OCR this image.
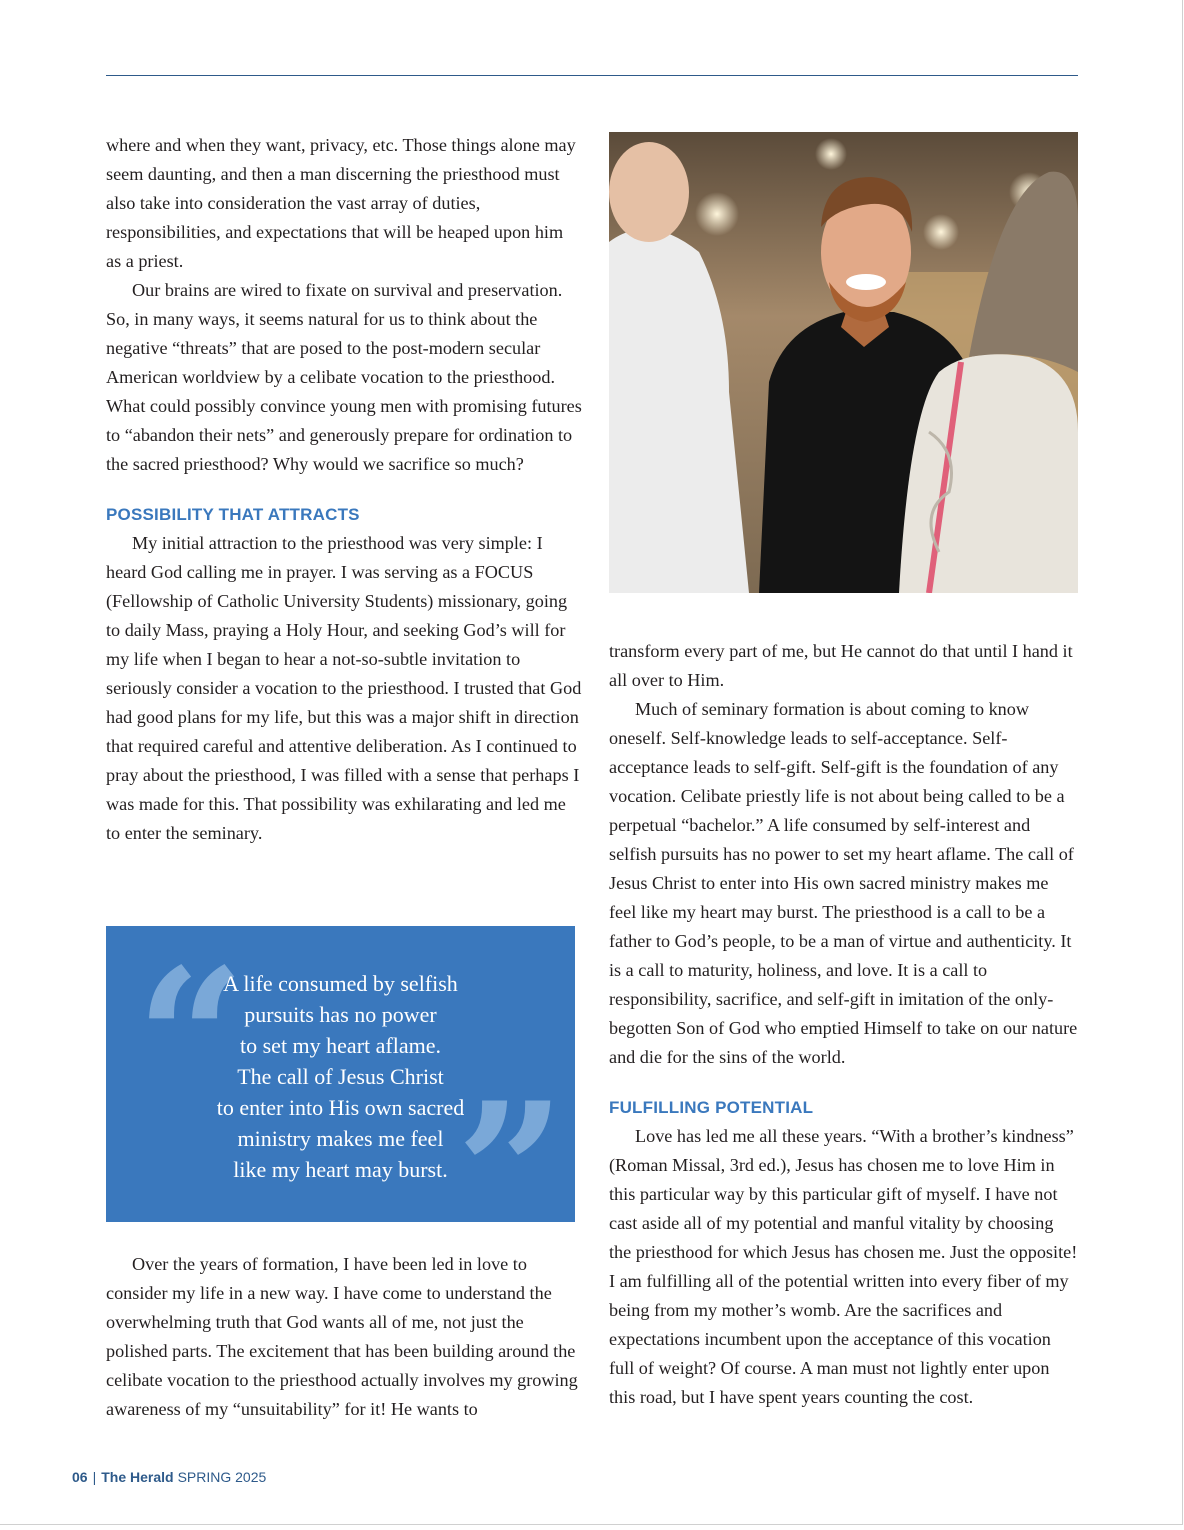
where and when they want, privacy, etc. Those things alone may seem daunting, and then a man discerning the priesthood must also take into consideration the vast array of duties, responsibilities, and expectations that will be heaped upon him as a priest.

Our brains are wired to fixate on survival and preservation. So, in many ways, it seems natural for us to think about the negative “threats” that are posed to the post-modern secular American worldview by a celibate vocation to the priesthood. What could possibly convince young men with promising futures to “abandon their nets” and generously prepare for ordination to the sacred priesthood? Why would we sacrifice so much?

POSSIBILITY THAT ATTRACTS

My initial attraction to the priesthood was very simple: I heard God calling me in prayer. I was serving as a FOCUS (Fellowship of Catholic University Students) missionary, going to daily Mass, praying a Holy Hour, and seeking God’s will for my life when I began to hear a not-so-subtle invitation to seriously consider a vocation to the priesthood. I trusted that God had good plans for my life, but this was a major shift in direction that required careful and attentive deliberation. As I continued to pray about the priesthood, I was filled with a sense that perhaps I was made for this. That possibility was exhilarating and led me to enter the seminary.

“
”
A life consumed by selfish
pursuits has no power
to set my heart aflame.
The call of Jesus Christ
to enter into His own sacred
ministry makes me feel
like my heart may burst.

Over the years of formation, I have been led in love to consider my life in a new way. I have come to understand the overwhelming truth that God wants all of me, not just the polished parts. The excitement that has been building around the celibate vocation to the priesthood actually involves my growing awareness of my “unsuitability” for it! He wants to

transform every part of me, but He cannot do that until I hand it all over to Him.

Much of seminary formation is about coming to know oneself. Self-knowledge leads to self-acceptance. Self-acceptance leads to self-gift. Self-gift is the foundation of any vocation. Celibate priestly life is not about being called to be a perpetual “bachelor.” A life consumed by self-interest and selfish pursuits has no power to set my heart aflame. The call of Jesus Christ to enter into His own sacred ministry makes me feel like my heart may burst. The priesthood is a call to be a father to God’s people, to be a man of virtue and authenticity. It is a call to maturity, holiness, and love. It is a call to responsibility, sacrifice, and self-gift in imitation of the only-begotten Son of God who emptied Himself to take on our nature and die for the sins of the world.

FULFILLING POTENTIAL

Love has led me all these years. “With a brother’s kindness” (Roman Missal, 3rd ed.), Jesus has chosen me to love Him in this particular way by this particular gift of myself. I have not cast aside all of my potential and manful vitality by choosing the priesthood for which Jesus has chosen me. Just the opposite! I am fulfilling all of the potential written into every fiber of my being from my mother’s womb. Are the sacrifices and expectations incumbent upon the acceptance of this vocation full of weight? Of course. A man must not lightly enter upon this road, but I have spent years counting the cost.

06 | The Herald SPRING 2025
